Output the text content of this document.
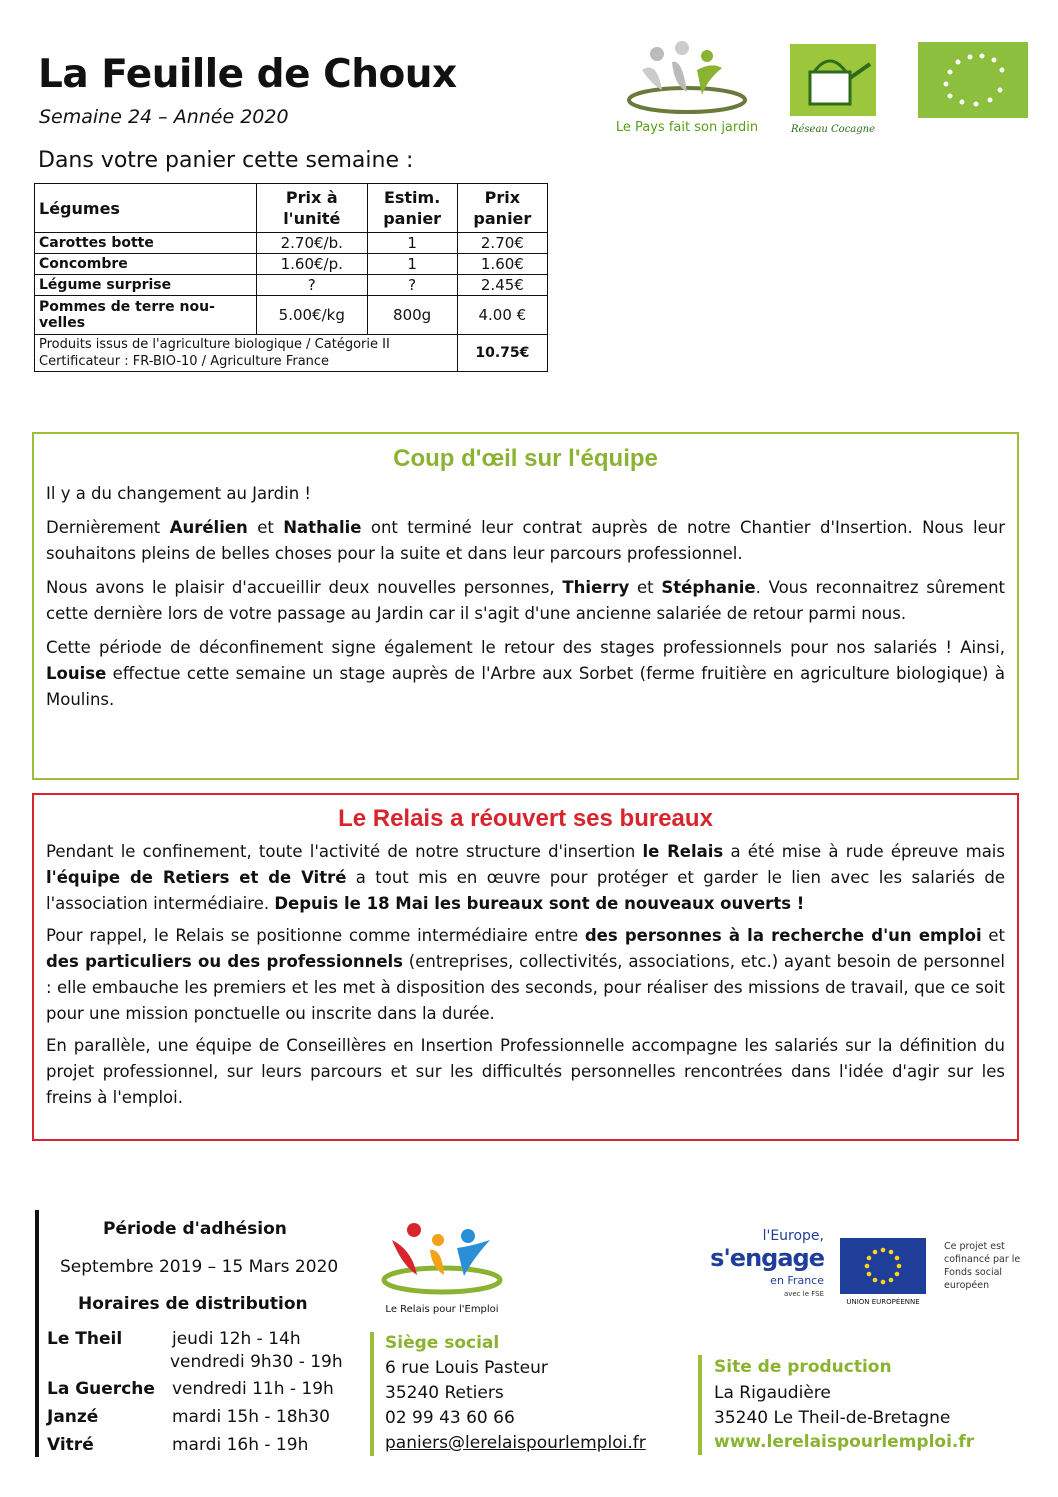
La Feuille de Choux
Semaine 24 – Année 2020
Dans votre panier cette semaine :
Le Pays fait son jardin	Réseau Cocagne
Légumes	Prix à l'unité	Estim. panier	Prix panier
Carottes botte	2.70€/b.	1	2.70€
Concombre	1.60€/p.	1	1.60€
Légume surprise	?	?	2.45€
Pommes de terre nou-velles	5.00€/kg	800g	4.00 €

Produits issus de l'agriculture biologique / Catégorie II
Certificateur : FR-BIO-10 / Agriculture France			10.75€
Coup d'œil sur l'équipe

Il y a du changement au Jardin !

Dernièrement Aurélien et Nathalie ont terminé leur contrat auprès de notre Chantier d'Insertion. Nous leur souhaitons pleins de belles choses pour la suite et dans leur parcours professionnel.

Nous avons le plaisir d'accueillir deux nouvelles personnes, Thierry et Stéphanie. Vous reconnaitrez sûrement cette dernière lors de votre passage au Jardin car il s'agit d'une ancienne salariée de retour parmi nous.

Cette période de déconfinement signe également le retour des stages professionnels pour nos salariés ! Ainsi, Louise effectue cette semaine un stage auprès de l'Arbre aux Sorbet (ferme fruitière en agriculture biologique) à Moulins.

Le Relais a réouvert ses bureaux

Pendant le confinement, toute l'activité de notre structure d'insertion le Relais a été mise à rude épreuve mais l'équipe de Retiers et de Vitré a tout mis en œuvre pour protéger et garder le lien avec les salariés de l'association intermédiaire. Depuis le 18 Mai les bureaux sont de nouveaux ouverts !

Pour rappel, le Relais se positionne comme intermédiaire entre des personnes à la recherche d'un emploi et des particuliers ou des professionnels (entreprises, collectivités, associations, etc.) ayant besoin de personnel : elle embauche les premiers et les met à disposition des seconds, pour réaliser des missions de travail, que ce soit pour une mission ponctuelle ou inscrite dans la durée.

En parallèle, une équipe de Conseillères en Insertion Professionnelle accompagne les salariés sur la définition du projet professionnel, sur leurs parcours et sur les difficultés personnelles rencontrées dans l'idée d'agir sur les freins à l'emploi.

Période d'adhésion
Septembre 2019 – 15 Mars 2020
Horaires de distribution
Le Theil	jeudi 12h - 14h
vendredi 9h30 - 19h
La Guerche vendredi 11h - 19h
Janzé	mardi 15h - 18h30
Vitré	mardi 16h - 19h
Le Relais pour l'Emploi
l'Europe,
s'engage
en France
avec le FSE
UNION EUROPÉENNE
Ce projet est cofinancé par le Fonds social européen
Siège social
6 rue Louis Pasteur
35240 Retiers
02 99 43 60 66
paniers@lerelaispourlemploi.fr
Site de production
La Rigaudière
35240 Le Theil-de-Bretagne
www.lerelaispourlemploi.fr
